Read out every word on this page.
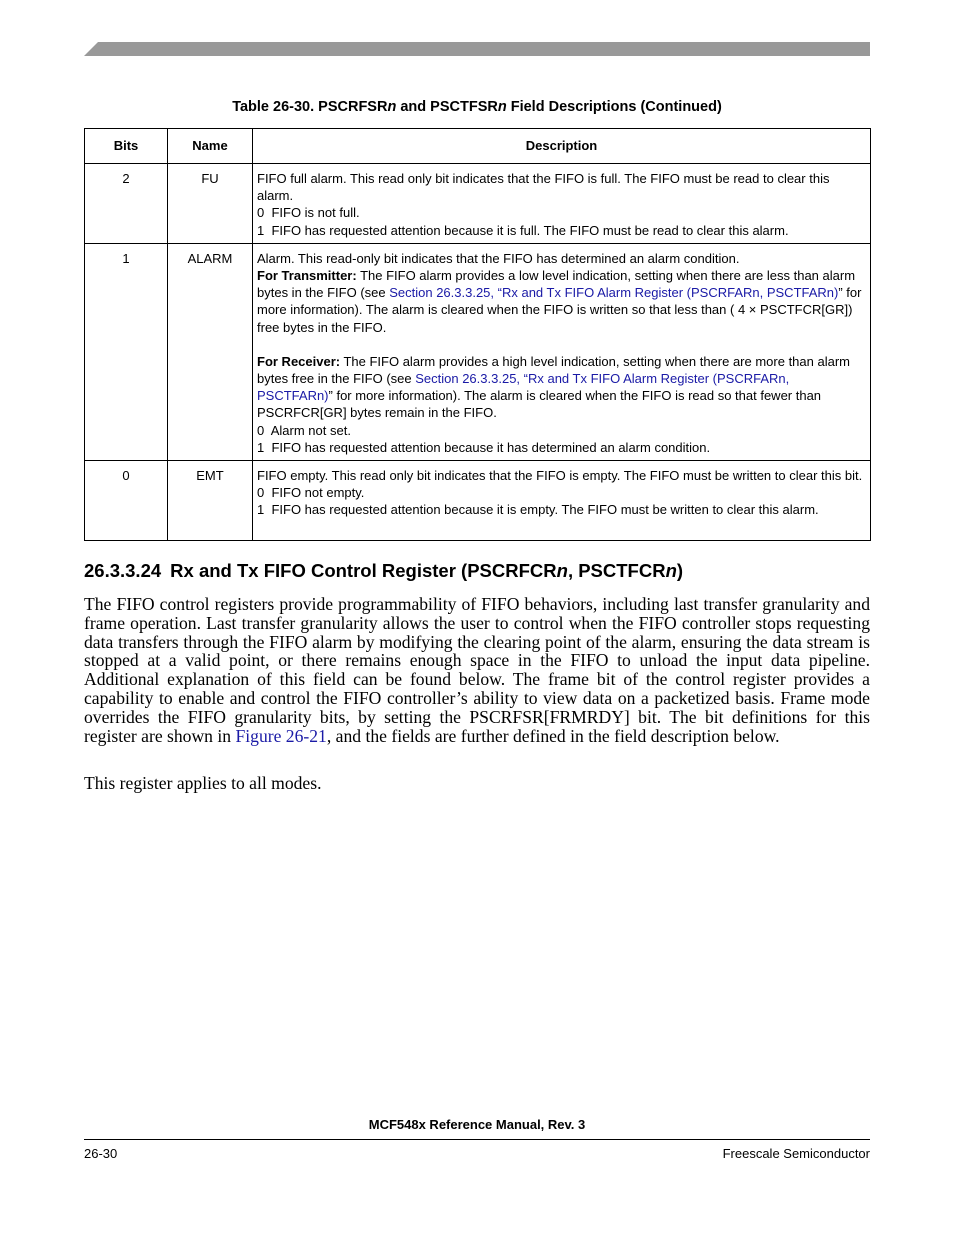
Table 26-30. PSCRFSRn and PSCTFSRn Field Descriptions (Continued)
Bits	Name	Description
2	FU	FIFO full alarm. This read only bit indicates that the FIFO is full. The FIFO must be read to clear this alarm.
0  FIFO is not full.
1  FIFO has requested attention because it is full. The FIFO must be read to clear this alarm.

1	ALARM	Alarm. This read-only bit indicates that the FIFO has determined an alarm condition.
For Transmitter: The FIFO alarm provides a low level indication, setting when there are less than alarm bytes in the FIFO (see Section 26.3.3.25, “Rx and Tx FIFO Alarm Register (PSCRFARn, PSCTFARn)” for more information). The alarm is cleared when the FIFO is written so that less than ( 4 × PSCTFCR[GR]) free bytes in the FIFO.
For Receiver: The FIFO alarm provides a high level indication, setting when there are more than alarm bytes free in the FIFO (see Section 26.3.3.25, “Rx and Tx FIFO Alarm Register (PSCRFARn, PSCTFARn)” for more information). The alarm is cleared when the FIFO is read so that fewer than PSCRFCR[GR] bytes remain in the FIFO.
0  Alarm not set.
1  FIFO has requested attention because it has determined an alarm condition.

0	EMT	FIFO empty. This read only bit indicates that the FIFO is empty. The FIFO must be written to clear this bit.
0  FIFO not empty.
1  FIFO has requested attention because it is empty. The FIFO must be written to clear this alarm.
26.3.3.24 Rx and Tx FIFO Control Register (PSCRFCRn, PSCTFCRn)
The FIFO control registers provide programmability of FIFO behaviors, including last transfer granularity and frame operation. Last transfer granularity allows the user to control when the FIFO controller stops requesting data transfers through the FIFO alarm by modifying the clearing point of the alarm, ensuring the data stream is stopped at a valid point, or there remains enough space in the FIFO to unload the input data pipeline. Additional explanation of this field can be found below. The frame bit of the control register provides a capability to enable and control the FIFO controller’s ability to view data on a packetized basis. Frame mode overrides the FIFO granularity bits, by setting the PSCRFSR[FRMRDY] bit. The bit definitions for this register are shown in Figure 26-21, and the fields are further defined in the field description below.
This register applies to all modes.
MCF548x Reference Manual, Rev. 3
26-30	Freescale Semiconductor
